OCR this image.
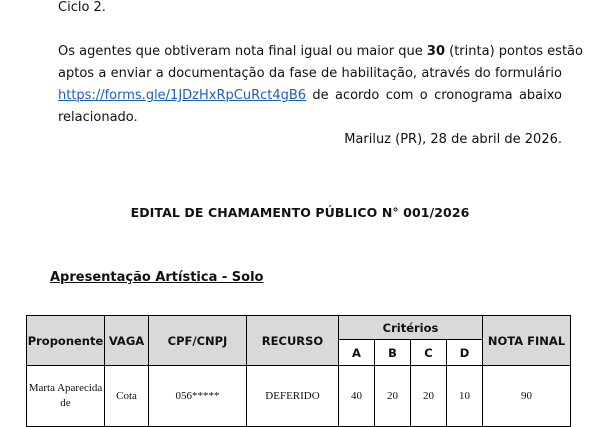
Ciclo 2.
Os agentes que obtiveram nota final igual ou maior que 30 (trinta) pontos estão
aptos a enviar a documentação da fase de habilitação, através do formulário
https://forms.gle/1JDzHxRpCuRct4gB6 de acordo com o cronograma abaixo
relacionado.
Mariluz (PR), 28 de abril de 2026.
EDITAL DE CHAMAMENTO PÚBLICO N° 001/2026
Apresentação Artística - Solo
Proponente	VAGA	CPF/CNPJ	RECURSO	Critérios				NOTA FINAL
				A	B	C	D	

Marta Aparecida de	Cota	056*****	DEFERIDO	40	20	20	10	90
